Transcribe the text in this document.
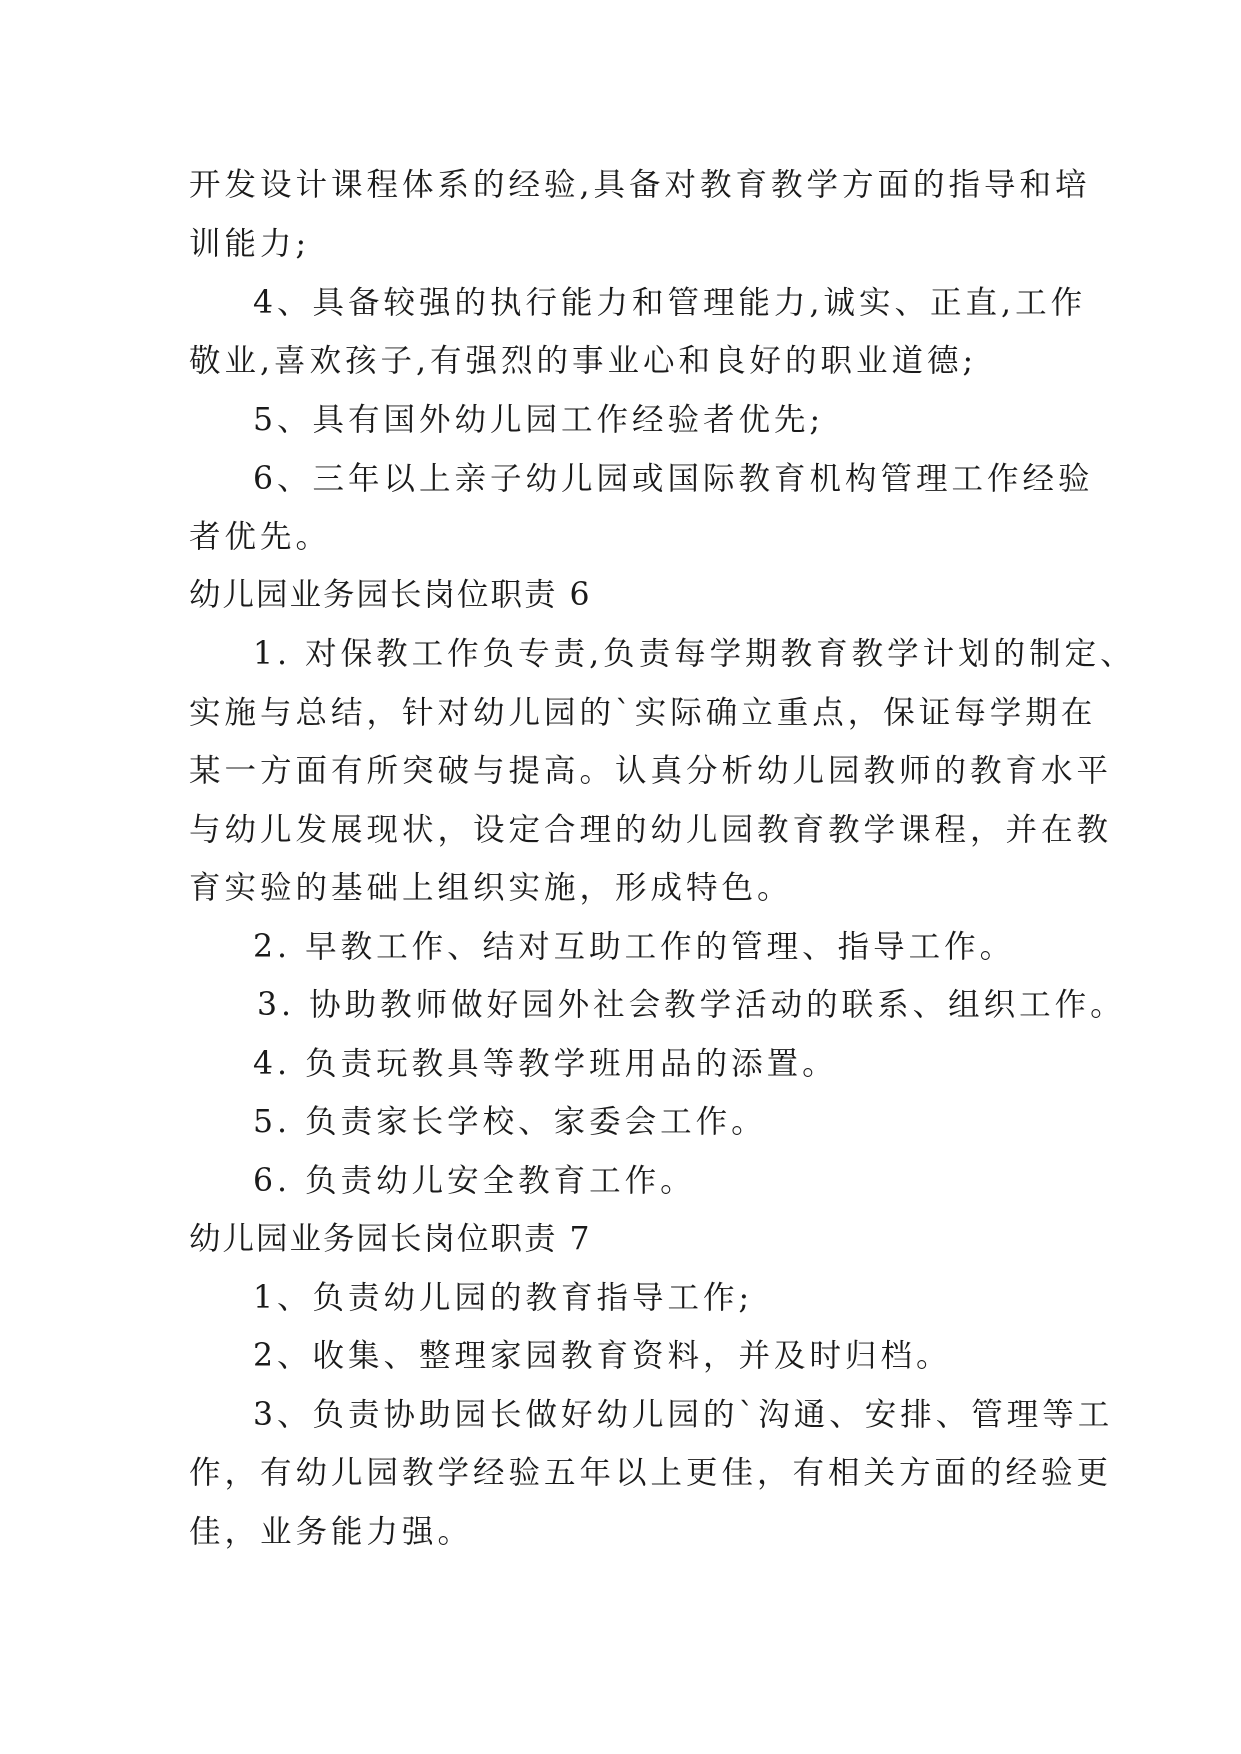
开发设计课程体系的经验,具备对教育教学方面的指导和培

训能力;

4、具备较强的执行能力和管理能力,诚实、正直,工作

敬业,喜欢孩子,有强烈的事业心和良好的职业道德;

5、具有国外幼儿园工作经验者优先;

6、三年以上亲子幼儿园或国际教育机构管理工作经验

者优先。

幼儿园业务园长岗位职责 6

1. 对保教工作负专责,负责每学期教育教学计划的制定、

实施与总结，针对幼儿园的`实际确立重点，保证每学期在

某一方面有所突破与提高。认真分析幼儿园教师的教育水平

与幼儿发展现状，设定合理的幼儿园教育教学课程，并在教

育实验的基础上组织实施，形成特色。

2. 早教工作、结对互助工作的管理、指导工作。

3. 协助教师做好园外社会教学活动的联系、组织工作。

4. 负责玩教具等教学班用品的添置。

5. 负责家长学校、家委会工作。

6. 负责幼儿安全教育工作。

幼儿园业务园长岗位职责 7

1、负责幼儿园的教育指导工作;

2、收集、整理家园教育资料，并及时归档。

3、负责协助园长做好幼儿园的`沟通、安排、管理等工

作，有幼儿园教学经验五年以上更佳，有相关方面的经验更

佳，业务能力强。
